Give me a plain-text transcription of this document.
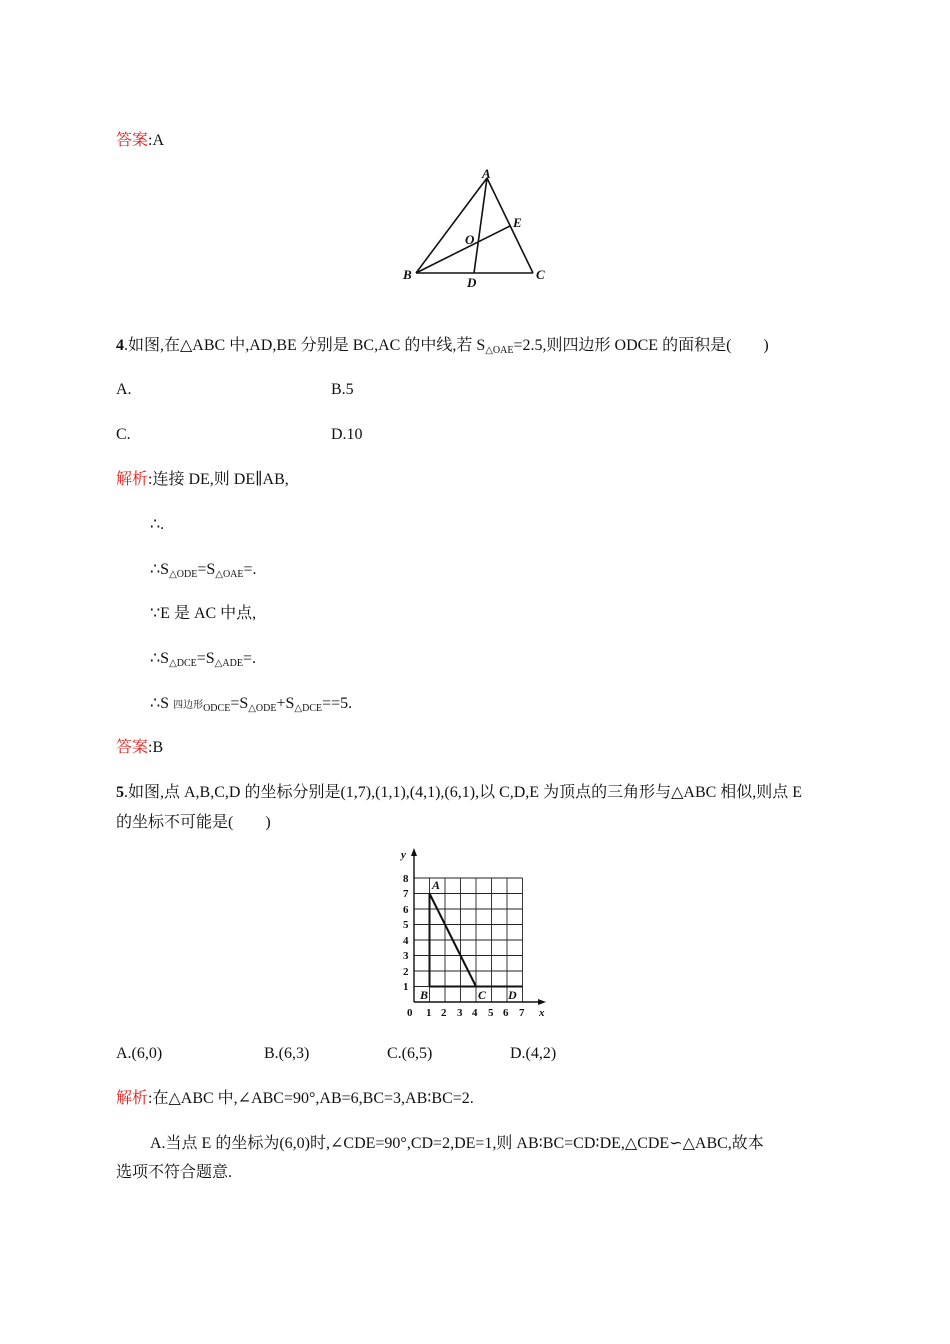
答案:A
A
B	C
D
E
O
4.如图,在△ABC 中,AD,BE 分别是 BC,AC 的中线,若 $S_{\triangle OAE}=2.5$,则四边形 ODCE 的面积是(　　)
A.	B.5
C.	D.10
解析:连接 DE,则 DE∥AB,
∴.
$\therefore S_{\triangle ODE}=S_{\triangle OAE}=$.
∵E 是 AC 中点,
$\therefore S_{\triangle DCE}=S_{\triangle ADE}=$.
∴S 四边形$_{ODCE}=S_{\triangle ODE}+S_{\triangle DCE}==5$.
答案:B
5.如图,点 A,B,C,D 的坐标分别是(1,7),(1,1),(4,1),(6,1),以 C,D,E 为顶点的三角形与△ABC 相似,则点 E
的坐标不可能是(　　)
1
2
3
4
5
6
7
8
0 1 2 3 4 5 6 7 x
y
A
B	C D
A.(6,0)	B.(6,3)	C.(6,5)	D.(4,2)
解析:在△ABC 中,∠ABC=90°,AB=6,BC=3,AB∶BC=2.
A.当点 E 的坐标为(6,0)时,∠CDE=90°,CD=2,DE=1,则 AB∶BC=CD∶DE,△CDE∽△ABC,故本
选项不符合题意.
